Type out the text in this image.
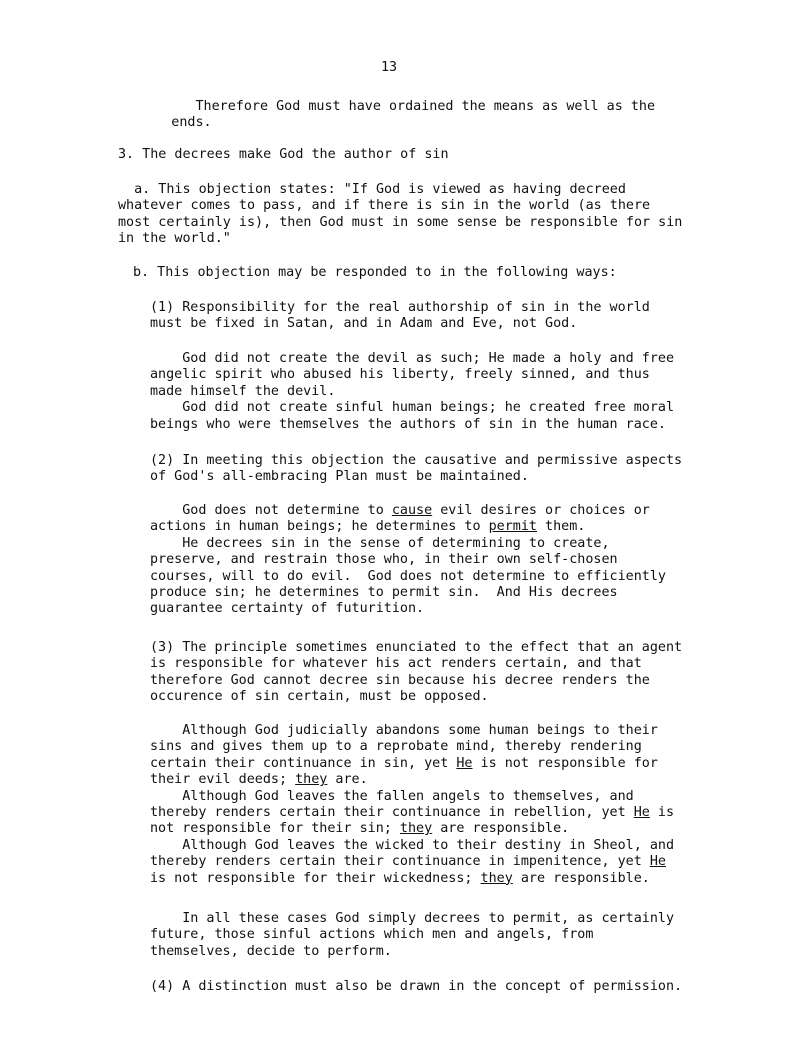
13
Therefore God must have ordained the means as well as the
ends.
3. The decrees make God the author of sin
a. This objection states: "If God is viewed as having decreed
whatever comes to pass, and if there is sin in the world (as there
most certainly is), then God must in some sense be responsible for sin
in the world."
b. This objection may be responded to in the following ways:
(1) Responsibility for the real authorship of sin in the world
must be fixed in Satan, and in Adam and Eve, not God.
God did not create the devil as such; He made a holy and free
angelic spirit who abused his liberty, freely sinned, and thus
made himself the devil.
God did not create sinful human beings; he created free moral
beings who were themselves the authors of sin in the human race.
(2) In meeting this objection the causative and permissive aspects
of God's all-embracing Plan must be maintained.
God does not determine to cause evil desires or choices or
actions in human beings; he determines to permit them.
He decrees sin in the sense of determining to create,
preserve, and restrain those who, in their own self-chosen
courses, will to do evil.  God does not determine to efficiently
produce sin; he determines to permit sin.  And His decrees
guarantee certainty of futurition.
(3) The principle sometimes enunciated to the effect that an agent
is responsible for whatever his act renders certain, and that
therefore God cannot decree sin because his decree renders the
occurence of sin certain, must be opposed.
Although God judicially abandons some human beings to their
sins and gives them up to a reprobate mind, thereby rendering
certain their continuance in sin, yet He is not responsible for
their evil deeds; they are.
Although God leaves the fallen angels to themselves, and
thereby renders certain their continuance in rebellion, yet He is
not responsible for their sin; they are responsible.
Although God leaves the wicked to their destiny in Sheol, and
thereby renders certain their continuance in impenitence, yet He
is not responsible for their wickedness; they are responsible.
In all these cases God simply decrees to permit, as certainly
future, those sinful actions which men and angels, from
themselves, decide to perform.
(4) A distinction must also be drawn in the concept of permission.
